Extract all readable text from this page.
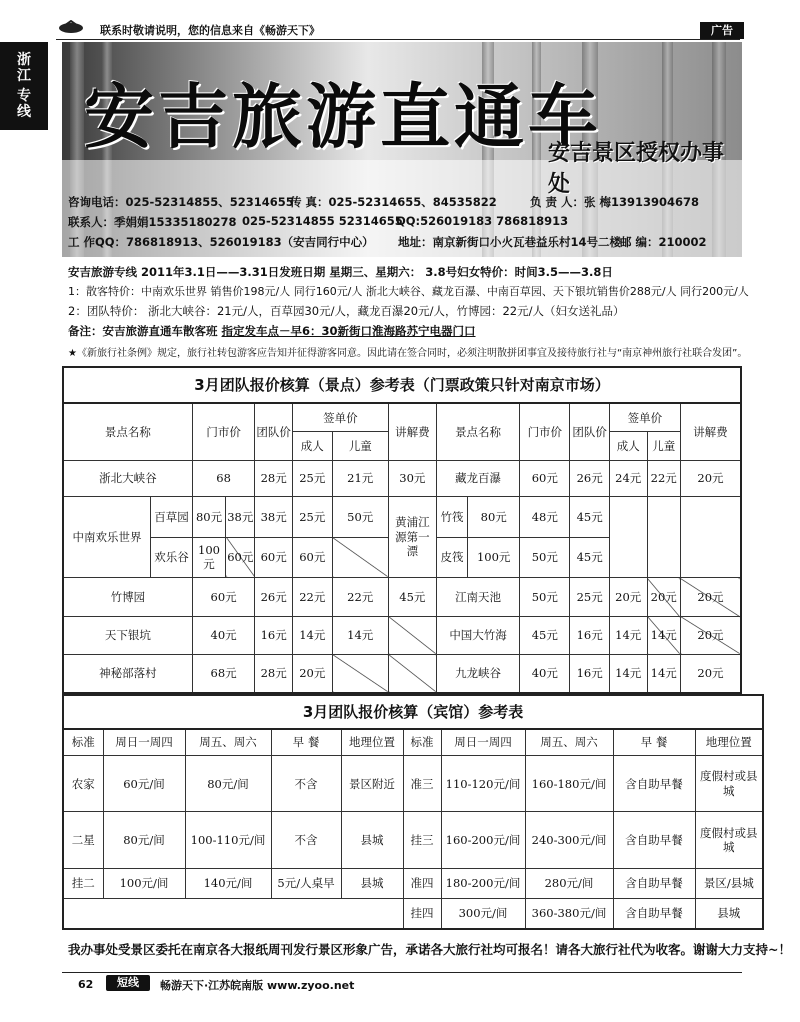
联系时敬请说明，您的信息来自《畅游天下》	广告
浙
江
专
线 安吉旅游直通车
安吉景区授权办事处
咨询电话：025-52314855、52314655
传 真：025-52314655、84535822	负 责 人：张 梅13913904678
联系人：季娟娟15335180278 025-52314855 52314655
QQ:526019183 786818913
工 作QQ：786818913、526019183（安吉同行中心） 地址：南京新街口小火瓦巷益乐村14号二楼
邮 编：210002
安吉旅游专线 2011年3.1日——3.31日发班日期 星期三、星期六： 3.8号妇女特价：时间3.5——3.8日
1：散客特价：中南欢乐世界 销售价198元/人 同行160元/人 浙北大峡谷、藏龙百瀑、中南百草园、天下银坑销售价288元/人 同行200元/人
2：团队特价： 浙北大峡谷：21元/人，百草园30元/人，藏龙百瀑20元/人，竹博园：22元/人（妇女送礼品）
备注：安吉旅游直通车散客班 指定发车点－早6：30新街口淮海路苏宁电器门口
★《新旅行社条例》规定，旅行社转包游客应告知并征得游客同意。因此请在签合同时，必须注明散拼团事宜及接待旅行社与“南京神州旅行社联合发团”。
3月团队报价核算（景点）参考表（门票政策只针对南京市场）														
景点名称		门市价		团队价	签单价		讲解费	景点名称		门市价	团队价	签单价		讲解费
					成人	儿童						成人	儿童	
浙北大峡谷		68		28元	25元	21元	30元	藏龙百瀑		60元	26元	24元	22元	20元
中南欢乐世界	百草园	80元	38元	38元	25元	50元	黄浦江源第一漂	竹筏	80元	48元	45元			
	欢乐谷	100元	60元	60元	60元			皮筏	100元	50元	45元			
竹博园		60元		26元	22元	22元	45元	江南天池		50元	25元	20元	20元	20元
天下银坑		40元		16元	14元	14元		中国大竹海		45元	16元	14元	14元	20元
神秘部落村		68元		28元	20元			九龙峡谷		40元	16元	14元	14元	20元
3月团队报价核算（宾馆）参考表									
标准	周日一周四	周五、周六	早 餐	地理位置	标准	周日一周四	周五、周六	早 餐	地理位置
农家	60元/间	80元/间	不含	景区附近	准三	110-120元/间	160-180元/间	含自助早餐	度假村或县城
二星	80元/间	100-110元/间	不含	县城	挂三	160-200元/间	240-300元/间	含自助早餐	度假村或县城
挂二	100元/间	140元/间	5元/人桌早	县城	准四	180-200元/间	280元/间	含自助早餐	景区/县城
					挂四	300元/间	360-380元/间	含自助早餐	县城
我办事处受景区委托在南京各大报纸周刊发行景区形象广告，承诺各大旅行社均可报名！请各大旅行社代为收客。谢谢大力支持~！
62	短线	畅游天下·江苏皖南版 www.zyoo.net
